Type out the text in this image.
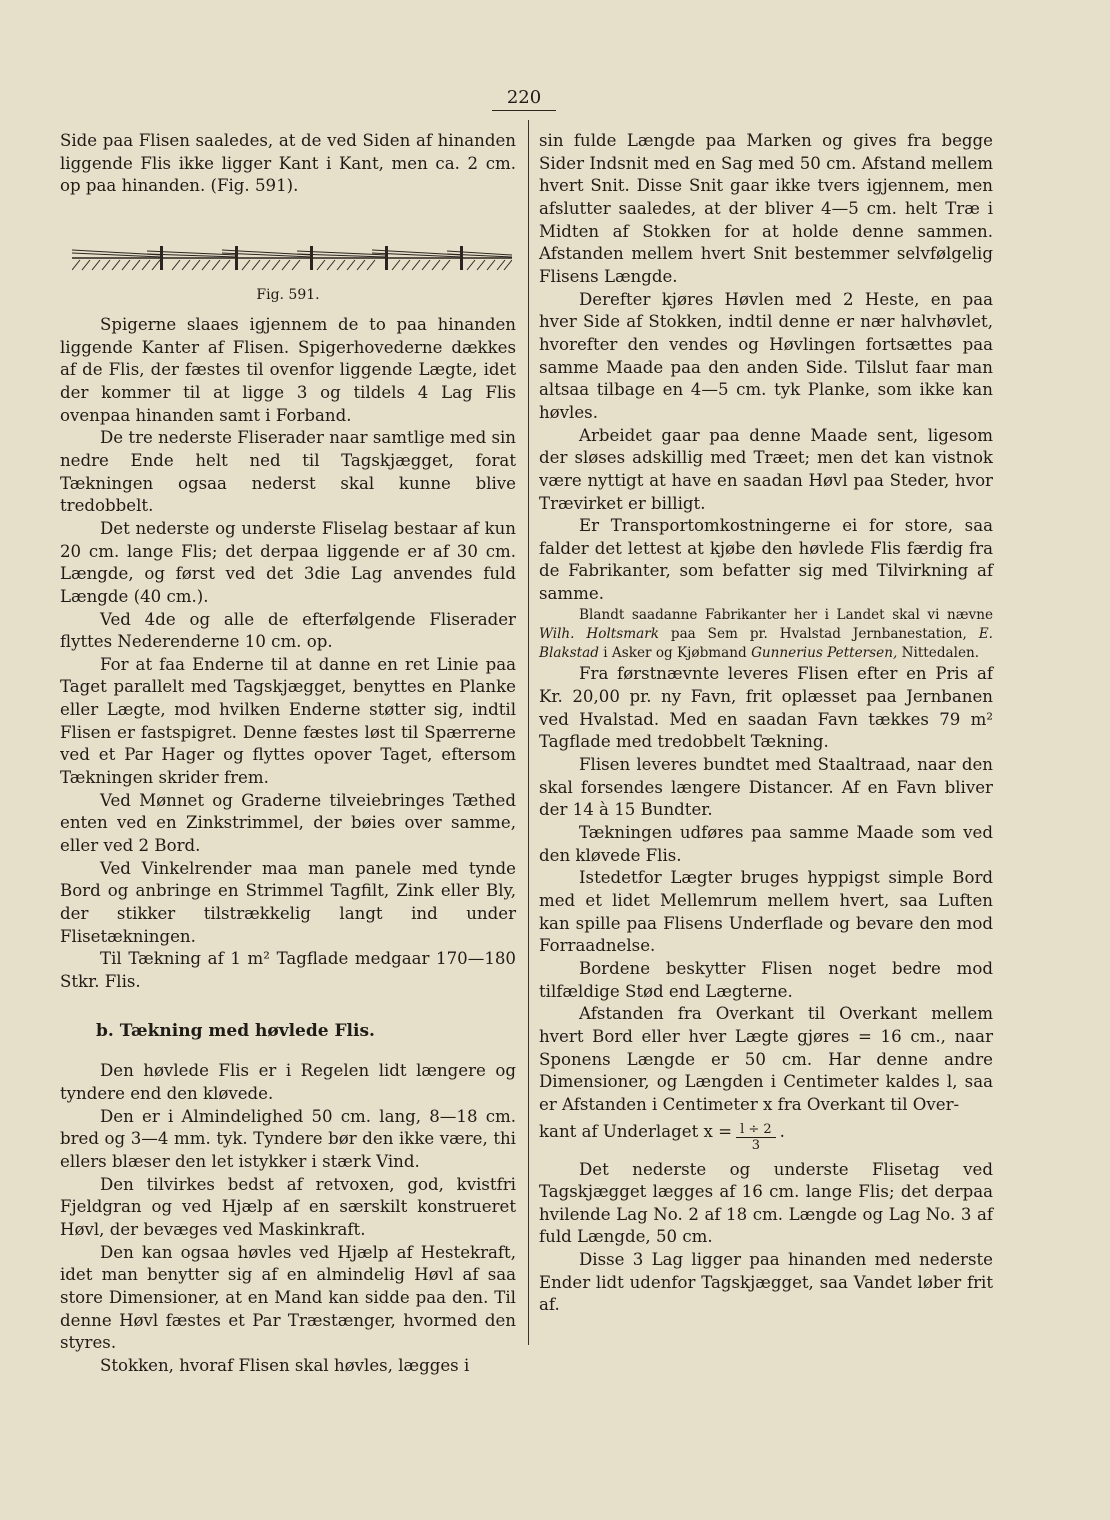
220

Side paa Flisen saaledes, at de ved Siden af hinanden liggende Flis ikke ligger Kant i Kant, men ca. 2 cm. op paa hinanden. (Fig. 591).

Fig. 591.

Spigerne slaaes igjennem de to paa hinanden liggende Kanter af Flisen. Spigerhovederne dækkes af de Flis, der fæstes til ovenfor liggende Lægte, idet der kommer til at ligge 3 og tildels 4 Lag Flis ovenpaa hinanden samt i Forband.

De tre nederste Fliserader naar samtlige med sin nedre Ende helt ned til Tagskjægget, forat Tækningen ogsaa nederst skal kunne blive tredobbelt.

Det nederste og underste Fliselag bestaar af kun 20 cm. lange Flis; det derpaa liggende er af 30 cm. Længde, og først ved det 3die Lag anvendes fuld Længde (40 cm.).

Ved 4de og alle de efterfølgende Fliserader flyttes Nederenderne 10 cm. op.

For at faa Enderne til at danne en ret Linie paa Taget parallelt med Tagskjægget, benyttes en Planke eller Lægte, mod hvilken Enderne støtter sig, indtil Flisen er fastspigret. Denne fæstes løst til Spærrerne ved et Par Hager og flyttes opover Taget, eftersom Tækningen skrider frem.

Ved Mønnet og Graderne tilveiebringes Tæthed enten ved en Zinkstrimmel, der bøies over samme, eller ved 2 Bord.

Ved Vinkelrender maa man panele med tynde Bord og anbringe en Strimmel Tagfilt, Zink eller Bly, der stikker tilstrækkelig langt ind under Flisetækningen.

Til Tækning af 1 m² Tagflade medgaar 170—180 Stkr. Flis.

b. Tækning med høvlede Flis.

Den høvlede Flis er i Regelen lidt længere og tyndere end den kløvede.

Den er i Almindelighed 50 cm. lang, 8—18 cm. bred og 3—4 mm. tyk. Tyndere bør den ikke være, thi ellers blæser den let istykker i stærk Vind.

Den tilvirkes bedst af retvoxen, god, kvistfri Fjeldgran og ved Hjælp af en særskilt konstrueret Høvl, der bevæges ved Maskinkraft.

Den kan ogsaa høvles ved Hjælp af Hestekraft, idet man benytter sig af en almindelig Høvl af saa store Dimensioner, at en Mand kan sidde paa den. Til denne Høvl fæstes et Par Træstænger, hvormed den styres.

Stokken, hvoraf Flisen skal høvles, lægges i

sin fulde Længde paa Marken og gives fra begge Sider Indsnit med en Sag med 50 cm. Afstand mellem hvert Snit. Disse Snit gaar ikke tvers igjennem, men afslutter saaledes, at der bliver 4—5 cm. helt Træ i Midten af Stokken for at holde denne sammen. Afstanden mellem hvert Snit bestemmer selvfølgelig Flisens Længde.

Derefter kjøres Høvlen med 2 Heste, en paa hver Side af Stokken, indtil denne er nær halvhøvlet, hvorefter den vendes og Høvlingen fortsættes paa samme Maade paa den anden Side. Tilslut faar man altsaa tilbage en 4—5 cm. tyk Planke, som ikke kan høvles.

Arbeidet gaar paa denne Maade sent, ligesom der sløses adskillig med Træet; men det kan vistnok være nyttigt at have en saadan Høvl paa Steder, hvor Trævirket er billigt.

Er Transportomkostningerne ei for store, saa falder det lettest at kjøbe den høvlede Flis færdig fra de Fabrikanter, som befatter sig med Tilvirkning af samme.

Blandt saadanne Fabrikanter her i Landet skal vi nævne Wilh. Holtsmark paa Sem pr. Hvalstad Jernbanestation, E. Blakstad i Asker og Kjøbmand Gunnerius Pettersen, Nittedalen.

Fra førstnævnte leveres Flisen efter en Pris af Kr. 20,00 pr. ny Favn, frit oplæsset paa Jernbanen ved Hvalstad. Med en saadan Favn tækkes 79 m² Tagflade med tredobbelt Tækning.

Flisen leveres bundtet med Staaltraad, naar den skal forsendes længere Distancer. Af en Favn bliver der 14 à 15 Bundter.

Tækningen udføres paa samme Maade som ved den kløvede Flis.

Istedetfor Lægter bruges hyppigst simple Bord med et lidet Mellemrum mellem hvert, saa Luften kan spille paa Flisens Underflade og bevare den mod Forraadnelse.

Bordene beskytter Flisen noget bedre mod tilfældige Stød end Lægterne.

Afstanden fra Overkant til Overkant mellem hvert Bord eller hver Lægte gjøres = 16 cm., naar Sponens Længde er 50 cm. Har denne andre Dimensioner, og Længden i Centimeter kaldes l, saa er Afstanden i Centimeter x fra Overkant til Over-

kant af Underlaget $x = \frac{l \div 2}{3}$ .

Det nederste og underste Flisetag ved Tagskjægget lægges af 16 cm. lange Flis; det derpaa hvilende Lag No. 2 af 18 cm. Længde og Lag No. 3 af fuld Længde, 50 cm.

Disse 3 Lag ligger paa hinanden med nederste Ender lidt udenfor Tagskjægget, saa Vandet løber frit af.
